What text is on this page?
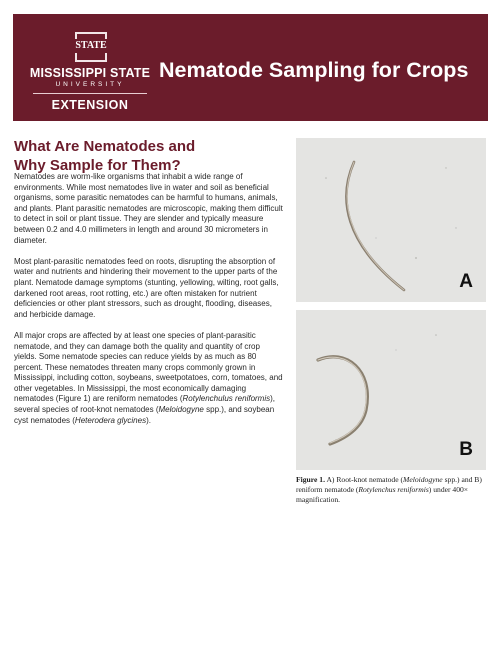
STATE
MISSISSIPPI STATE
UNIVERSITY
EXTENSION
Nematode Sampling for Crops
What Are Nematodes and
Why Sample for Them?

Nematodes are worm-like organisms that inhabit a wide range of environments. While most nematodes live in water and soil as beneficial organisms, some parasitic nematodes can be harmful to humans, animals, and plants. Plant parasitic nematodes are microscopic, making them difficult to detect in soil or plant tissue. They are slender and typically measure between 0.2 and 4.0 millimeters in length and around 30 micrometers in diameter.

Most plant-parasitic nematodes feed on roots, disrupting the absorption of water and nutrients and hindering their movement to the upper parts of the plant. Nematode damage symptoms (stunting, yellowing, wilting, root galls, darkened root areas, root rotting, etc.) are often mistaken for nutrient deficiencies or other plant stressors, such as drought, flooding, diseases, and herbicide damage.

All major crops are affected by at least one species of plant-parasitic nematode, and they can damage both the quality and quantity of crop yields. Some nematode species can reduce yields by as much as 80 percent. These nematodes threaten many crops commonly grown in Mississippi, including cotton, soybeans, sweetpotatoes, corn, tomatoes, and other vegetables. In Mississippi, the most economically damaging nematodes (Figure 1) are reniform nematodes (Rotylenchulus reniformis), several species of root-knot nematodes (Meloidogyne spp.), and soybean cyst nematodes (Heterodera glycines).

A
B
Figure 1. A) Root-knot nematode (Meloidogyne spp.) and B) reniform nematode (Rotylenchus reniformis) under 400× magnification.
